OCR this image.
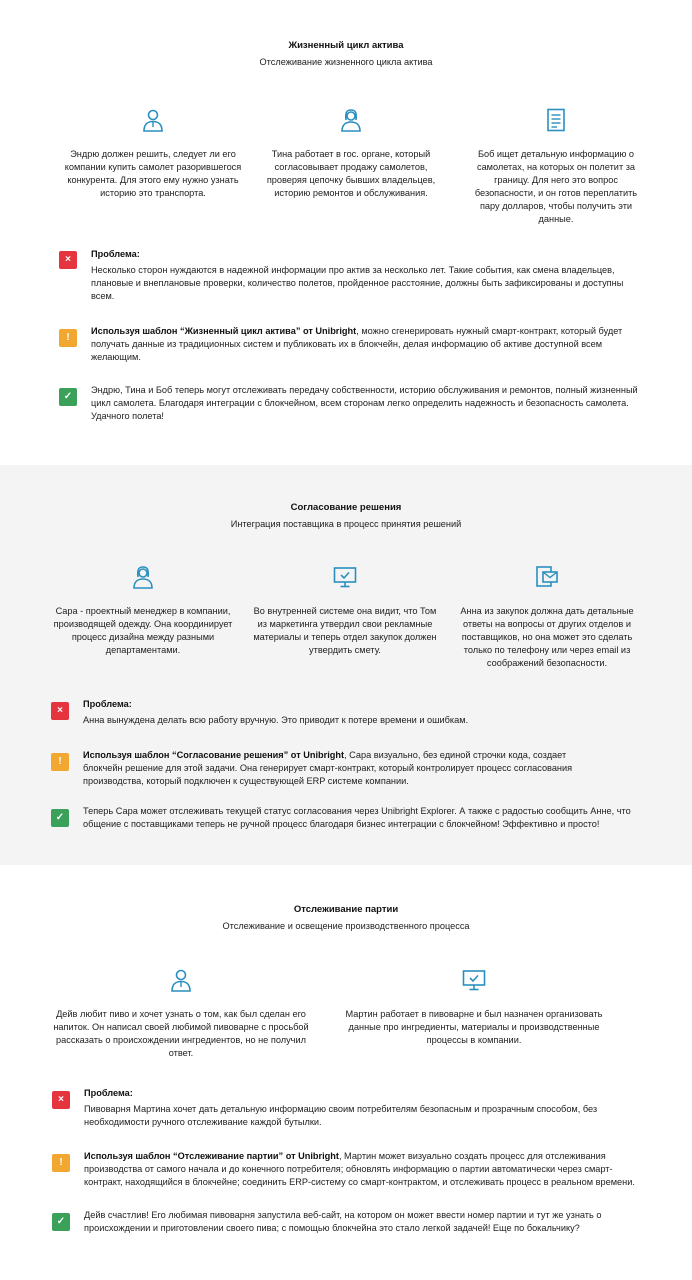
Жизненный цикл актива
Отслеживание жизненного цикла актива
Эндрю должен решить, следует ли его компании купить самолет разорившегося конкурента. Для этого ему нужно узнать историю это транспорта.
Тина работает в гос. органе, который согласовывает продажу самолетов, проверяя цепочку бывших владельцев, историю ремонтов и обслуживания.
Боб ищет детальную информацию о самолетах, на которых он полетит за границу. Для него это вопрос безопасности, и он готов переплатить пару долларов, чтобы получить эти данные.
×	Проблема:
Несколько сторон нуждаются в надежной информации про актив за несколько лет. Такие события, как смена владельцев, плановые и внеплановые проверки, количество полетов, пройденное расстояние, должны быть зафиксированы и доступны всем.
!
Используя шаблон “Жизненный цикл актива” от Unibright, можно сгенерировать нужный смарт-контракт, который будет получать данные из традиционных систем и публиковать их в блокчейн, делая информацию об активе доступной всем желающим.
✓
Эндрю, Тина и Боб теперь могут отслеживать передачу собственности, историю обслуживания и ремонтов, полный жизненный цикл самолета. Благодаря интеграции с блокчейном, всем сторонам легко определить надежность и безопасность самолета. Удачного полета!
Согласование решения
Интеграция поставщика в процесс принятия решений
Сара - проектный менеджер в компании, производящей одежду. Она координирует процесс дизайна между разными департаментами.
Во внутренней системе она видит, что Том из маркетинга утвердил свои рекламные материалы и теперь отдел закупок должен утвердить смету.
Анна из закупок должна дать детальные ответы на вопросы от других отделов и поставщиков, но она может это сделать только по телефону или через email из соображений безопасности.
×
Проблема:
Анна вынуждена делать всю работу вручную. Это приводит к потере времени и ошибкам.
!
Используя шаблон “Согласование решения” от Unibright, Сара визуально, без единой строчки кода, создает блокчейн решение для этой задачи. Она генерирует смарт-контракт, который контролирует процесс согласования производства, который подключен к существующей ERP системе компании.
✓
Теперь Сара может отслеживать текущей статус согласования через Unibright Explorer. А также с радостью сообщить Анне, что общение с поставщиками теперь не ручной процесс благодаря бизнес интеграции с блокчейном! Эффективно и просто!
Отслеживание партии
Отслеживание и освещение производственного процесса
Дейв любит пиво и хочет узнать о том, как был сделан его напиток. Он написал своей любимой пивоварне с просьбой рассказать о происхождении ингредиентов, но не получил ответ.
Мартин работает в пивоварне и был назначен организовать данные про ингредиенты, материалы и производственные процессы в компании.
×
Проблема:
Пивоварня Мартина хочет дать детальную информацию своим потребителям безопасным и прозрачным способом, без необходимости ручного отслеживание каждой бутылки.
!
Используя шаблон “Отслеживание партии” от Unibright, Мартин может визуально создать процесс для отслеживания производства от самого начала и до конечного потребителя; обновлять информацию о партии автоматически через смарт-контракт, находящийся в блокчейне; соединить ERP-систему со смарт-контрактом, и отслеживать процесс в реальном времени.
✓
Дейв счастлив! Его любимая пивоварня запустила веб-сайт, на котором он может ввести номер партии и тут же узнать о происхождении и приготовлении своего пива; с помощью блокчейна это стало легкой задачей! Еще по бокальчику?
